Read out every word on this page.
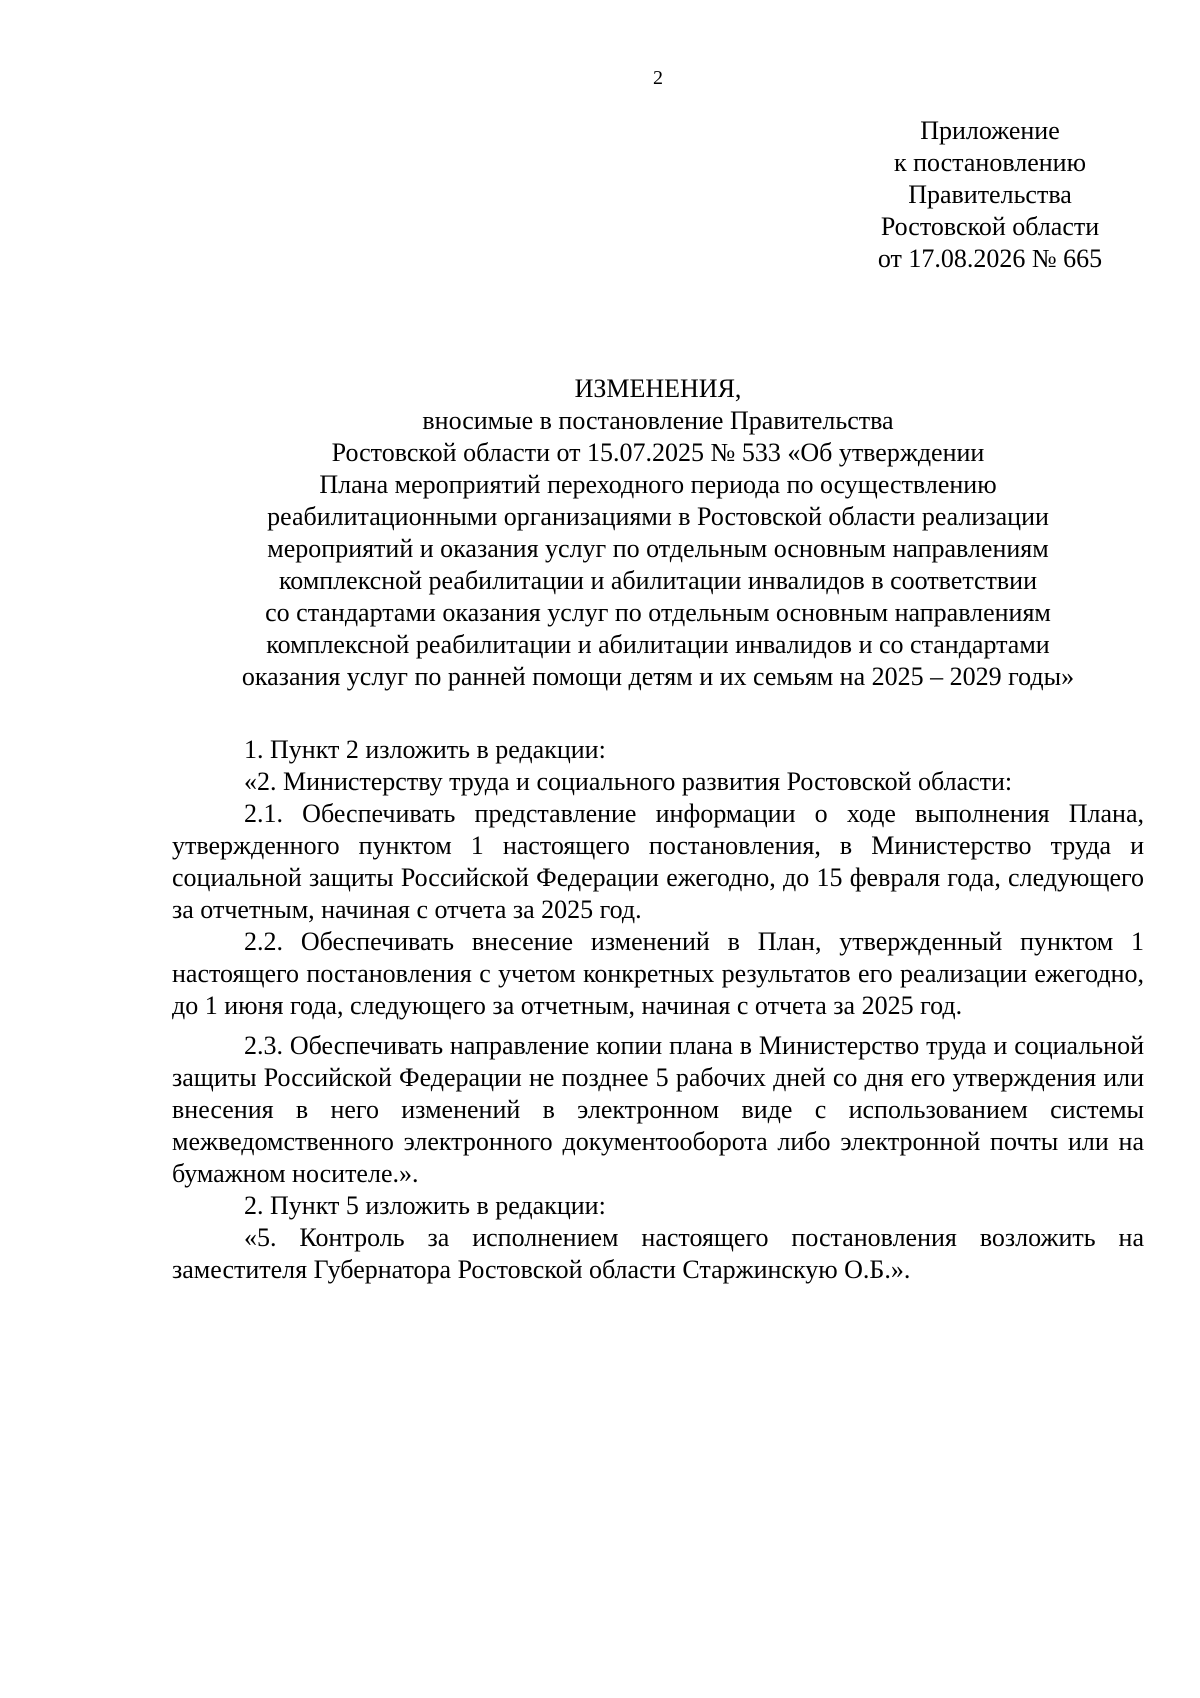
2
Приложение
к постановлению
Правительства
Ростовской области
от 17.08.2026 № 665
ИЗМЕНЕНИЯ,
вносимые в постановление Правительства
Ростовской области от 15.07.2025 № 533 «Об утверждении
Плана мероприятий переходного периода по осуществлению
реабилитационными организациями в Ростовской области реализации
мероприятий и оказания услуг по отдельным основным направлениям
комплексной реабилитации и абилитации инвалидов в соответствии
со стандартами оказания услуг по отдельным основным направлениям
комплексной реабилитации и абилитации инвалидов и со стандартами
оказания услуг по ранней помощи детям и их семьям на 2025 – 2029 годы»

1. Пункт 2 изложить в редакции:

«2. Министерству труда и социального развития Ростовской области:

2.1. Обеспечивать представление информации о ходе выполнения Плана, утвержденного пунктом 1 настоящего постановления, в Министерство труда и социальной защиты Российской Федерации ежегодно, до 15 февраля года, следующего за отчетным, начиная с отчета за 2025 год.

2.2. Обеспечивать внесение изменений в План, утвержденный пунктом 1 настоящего постановления с учетом конкретных результатов его реализации ежегодно, до 1 июня года, следующего за отчетным, начиная с отчета за 2025 год.

2.3. Обеспечивать направление копии плана в Министерство труда и социальной защиты Российской Федерации не позднее 5 рабочих дней со дня его утверждения или внесения в него изменений в электронном виде с использованием системы межведомственного электронного документооборота либо электронной почты или на бумажном носителе.».

2. Пункт 5 изложить в редакции:

«5. Контроль за исполнением настоящего постановления возложить на заместителя Губернатора Ростовской области Старжинскую О.Б.».
